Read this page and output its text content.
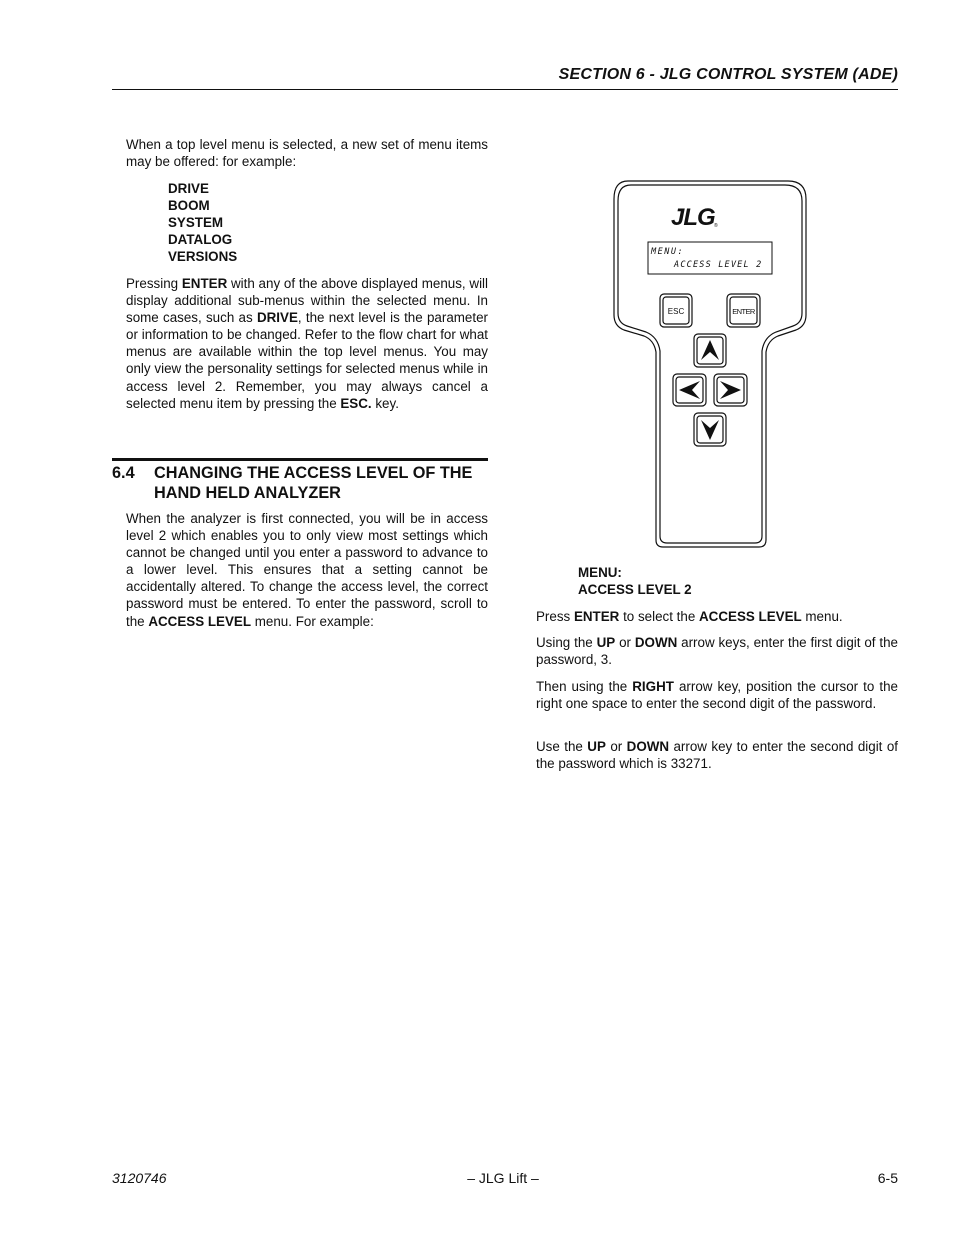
SECTION 6 - JLG CONTROL SYSTEM (ADE)
When a top level menu is selected, a new set of menu items may be offered: for example:
DRIVE
BOOM
SYSTEM
DATALOG
VERSIONS
Pressing ENTER with any of the above displayed menus, will display additional sub-menus within the selected menu. In some cases, such as DRIVE, the next level is the parameter or information to be changed. Refer to the flow chart for what menus are available within the top level menus. You may only view the personality settings for selected menus while in access level 2. Remember, you may always cancel a selected menu item by pressing the ESC. key.
6.4 CHANGING THE ACCESS LEVEL OF THE HAND HELD ANALYZER
When the analyzer is first connected, you will be in access level 2 which enables you to only view most settings which cannot be changed until you enter a password to advance to a lower level. This ensures that a setting cannot be accidentally altered. To change the access level, the correct password must be entered. To enter the password, scroll to the ACCESS LEVEL menu. For example:
JLG ®
MENU:
ACCESS LEVEL 2
ESC	ENTER
MENU:
ACCESS LEVEL 2
Press ENTER to select the ACCESS LEVEL menu.
Using the UP or DOWN arrow keys, enter the first digit of the password, 3.
Then using the RIGHT arrow key, position the cursor to the right one space to enter the second digit of the password.
Use the UP or DOWN arrow key to enter the second digit of the password which is 33271.
3120746	– JLG Lift –	6-5
